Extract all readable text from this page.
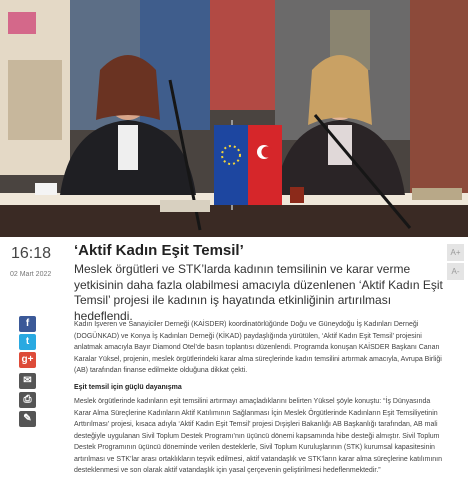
16:18
02 Mart 2022
f
t
g+
✉
⎙
✎
A+
A-
‘Aktif Kadın Eşit Temsil’
Meslek örgütleri ve STK’larda kadının temsilinin ve karar verme yetkisinin daha fazla olabilmesi amacıyla düzenlenen ‘Aktif Kadın Eşit Temsil’ projesi ile kadının iş hayatında etkinliğinin artırılması hedeflendi.

Kadın İşveren ve Sanayiciler Derneği (KAİSDER) koordinatörlüğünde Doğu ve Güneydoğu İş Kadınları Derneği (DOGÜNKAD) ve Konya İş Kadınları Derneği (KİKAD) paydaşlığında yürütülen, ‘Aktif Kadın Eşit Temsil’ projesini anlatmak amacıyla Bayır Diamond Otel’de basın toplantısı düzenlendi. Programda konuşan KAİSDER Başkanı Canan Karalar Yüksel, projenin, meslek örgütlerindeki karar alma süreçlerinde kadın temsilini artırmak amacıyla, Avrupa Birliği (AB) tarafından finanse edilmekte olduğuna dikkat çekti.

Eşit temsil için güçlü dayanışma

Meslek örgütlerinde kadınların eşit temsilini artırmayı amaçladıklarını belirten Yüksel şöyle konuştu: “İş Dünyasında Karar Alma Süreçlerine Kadınların Aktif Katılımının Sağlanması İçin Meslek Örgütlerinde Kadınların Eşit Temsiliyetinin Arttırılması’ projesi, kısaca adıyla ‘Aktif Kadın Eşit Temsil’ projesi Dışişleri Bakanlığı AB Başkanlığı tarafından, AB mali desteğiyle uygulanan Sivil Toplum Destek Programı’nın üçüncü dönemi kapsamında hibe desteği almıştır. Sivil Toplum Destek Programının üçüncü döneminde verilen desteklerle, Sivil Toplum Kuruluşlarının (STK) kurumsal kapasitesinin artırılması ve STK’lar arası ortaklıkların teşvik edilmesi, aktif vatandaşlık ve STK’ların karar alma süreçlerine katılımının desteklenmesi ve son olarak aktif vatandaşlık için yasal çerçevenin geliştirilmesi hedeflenmektedir.”
